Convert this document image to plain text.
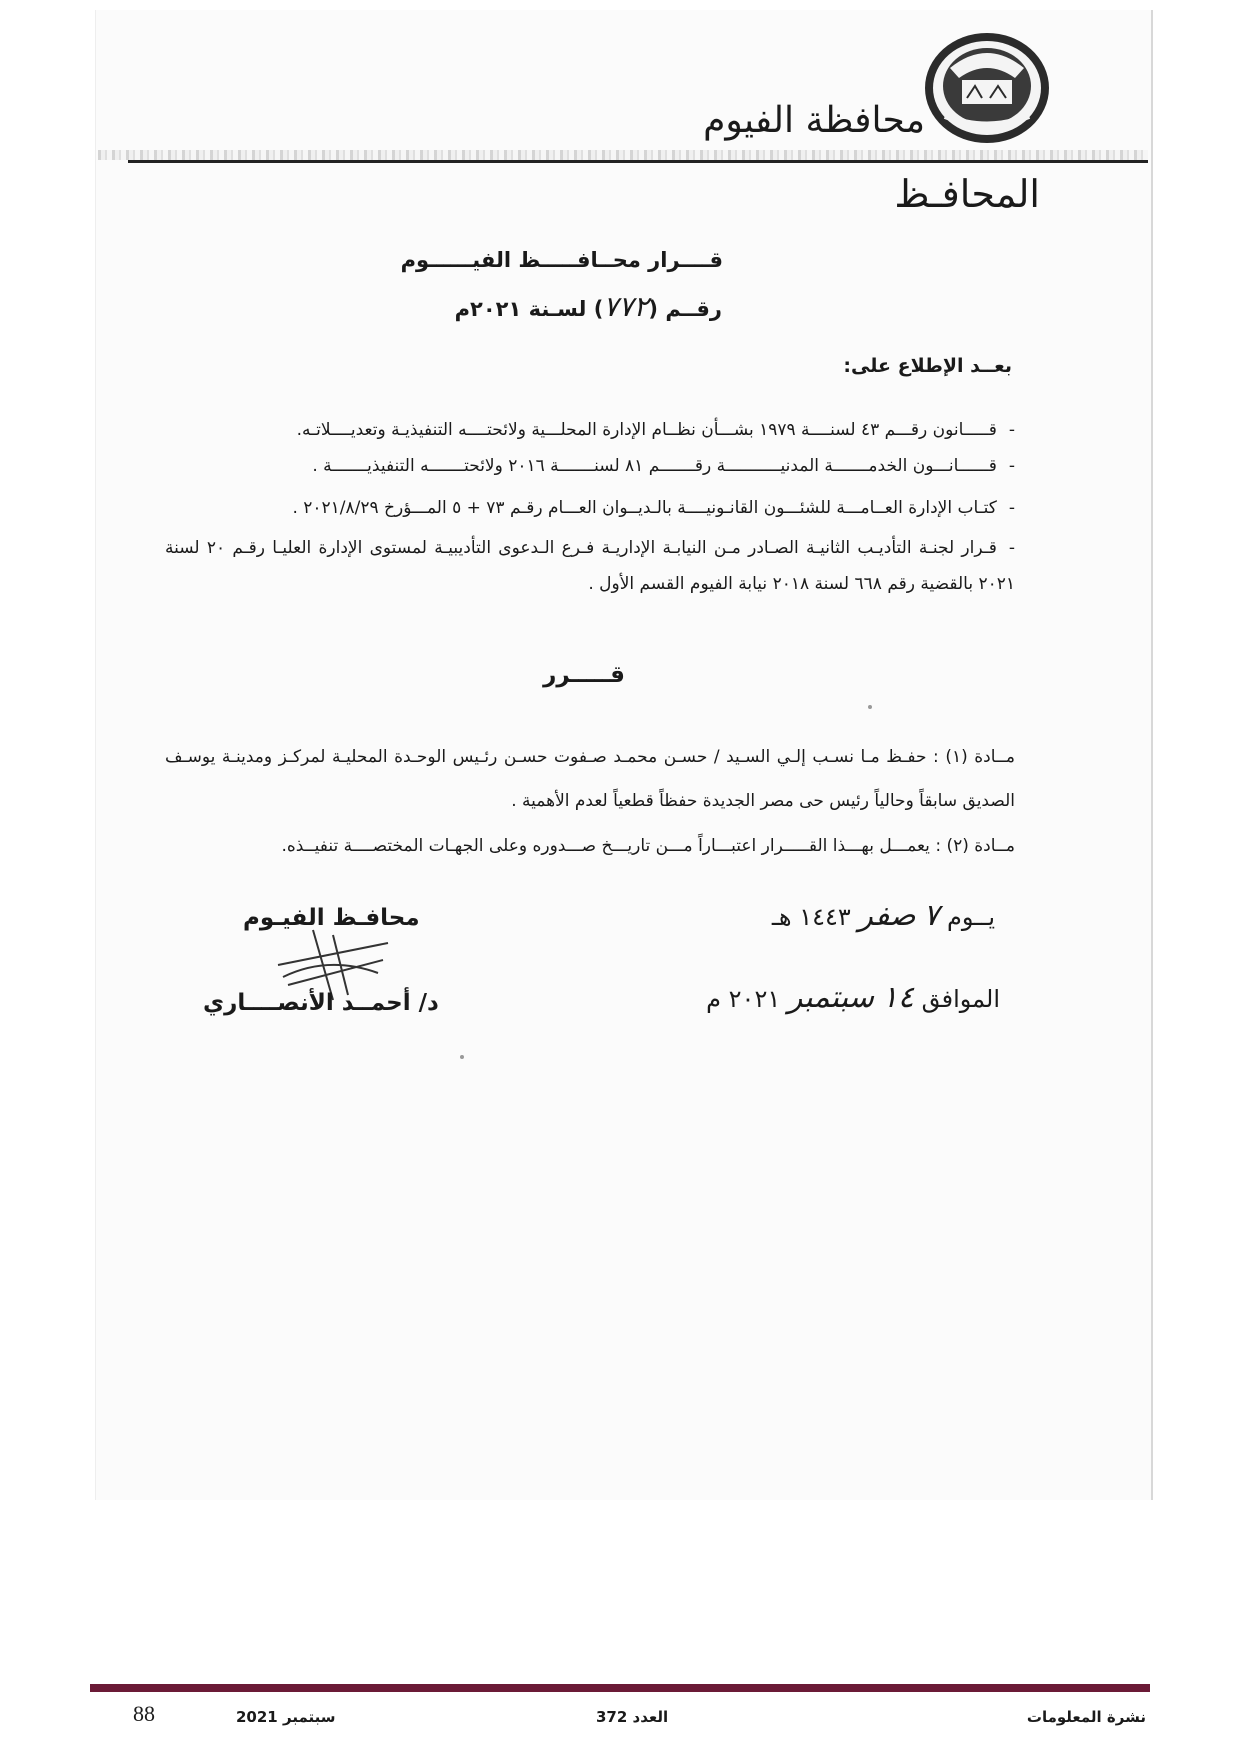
محافظة الفيوم
المحافـظ
قــــرار محــافـــــظ الفيــــــوم
رقــم (٧٧٢) لسـنة ٢٠٢١م
بعــد الإطلاع على:
-قـــــانون رقـــم ٤٣ لسنــــة ١٩٧٩ بشـــأن نظــام الإدارة المحلـــية ولائحتــــه التنفيذيـة وتعديــــلاتـه.
-قــــــانـــون الخدمـــــــة المدنيـــــــــــة رقـــــــم ٨١ لسنـــــــة ٢٠١٦ ولائحتـــــــه التنفيذيـــــــة .
-كتـاب الإدارة العــامـــة للشئـــون القانـونيــــة بالـديــوان العـــام رقـم ٧٣ + ٥ المـــؤرخ ٢٠٢١/٨/٢٩ .
-قـرار لجنـة التأديـب الثانيـة الصـادر مـن النيابـة الإداريـة فـرع الـدعوى التأديبيـة لمستوى الإدارة العليـا رقـم ٢٠ لسنة ٢٠٢١ بالقضية رقم ٦٦٨ لسنة ٢٠١٨ نيابة الفيوم القسم الأول .
قـــــرر
مــادة (١) : حفـظ مـا نسـب إلـي السـيد / حسـن محمـد صـفوت حسـن رئـيس الوحـدة المحليـة لمركـز ومدينـة يوسـف الصديق سابقاً وحالياً رئيس حى مصر الجديدة حفظاً قطعياً لعدم الأهمية .
مــادة (٢) : يعمـــل بهـــذا القـــــرار اعتبـــاراً مـــن تاريـــخ صـــدوره وعلى الجهـات المختصــــة تنفيــذه.
محافـظ الفيـوم
د/ أحمــد الأنصــــاري
يــوم ٧ صفر ١٤٤٣ هـ
الموافق ١٤ سبتمبر ٢٠٢١ م
نشرة المعلومات
العدد 372
سبتمبر 2021
88
